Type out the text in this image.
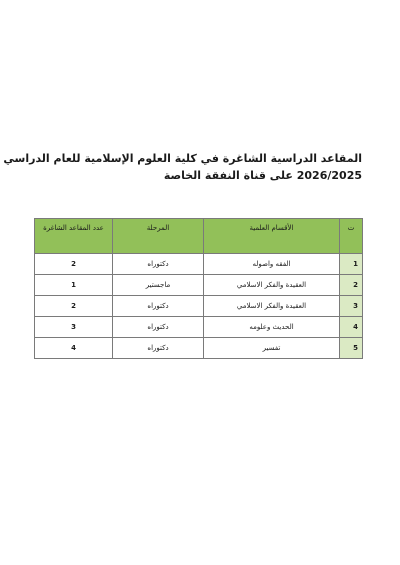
المقاعد الدراسية الشاغرة في كلية العلوم الإسلامية للعام الدراسي
2026/2025 على قناة النفقة الخاصة
ت	الأقسام العلمية	المرحلة	عدد المقاعد الشاغرة
1	الفقه واصوله	دكتوراه	2
2	العقيدة والفكر الاسلامي	ماجستير	1
3	العقيدة والفكر الاسلامي	دكتوراه	2
4	الحديث وعلومه	دكتوراه	3
5	تفسير	دكتوراه	4
